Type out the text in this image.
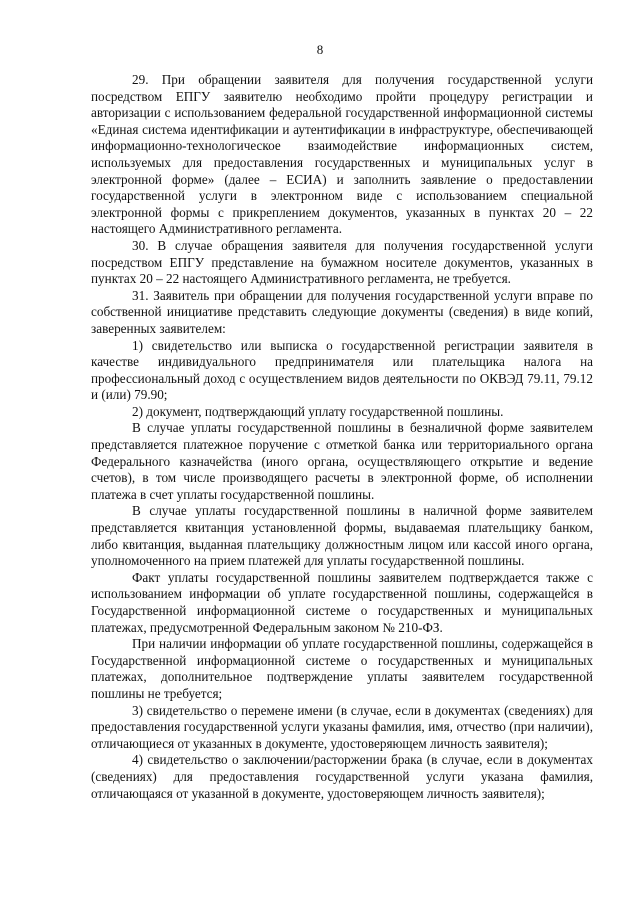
8

29. При обращении заявителя для получения государственной услуги посредством ЕПГУ заявителю необходимо пройти процедуру регистрации и авторизации с использованием федеральной государственной информационной системы «Единая система идентификации и аутентификации в инфраструктуре, обеспечивающей информационно-технологическое взаимодействие информационных систем, используемых для предоставления государственных и муниципальных услуг в электронной форме» (далее – ЕСИА) и заполнить заявление о предоставлении государственной услуги в электронном виде с использованием специальной электронной формы с прикреплением документов, указанных в пунктах 20 – 22 настоящего Административного регламента.

30. В случае обращения заявителя для получения государственной услуги посредством ЕПГУ представление на бумажном носителе документов, указанных в пунктах 20 – 22 настоящего Административного регламента, не требуется.

31. Заявитель при обращении для получения государственной услуги вправе по собственной инициативе представить следующие документы (сведения) в виде копий, заверенных заявителем:

1) свидетельство или выписка о государственной регистрации заявителя в качестве индивидуального предпринимателя или плательщика налога на профессиональный доход с осуществлением видов деятельности по ОКВЭД 79.11, 79.12 и (или) 79.90;

2) документ, подтверждающий уплату государственной пошлины.

В случае уплаты государственной пошлины в безналичной форме заявителем представляется платежное поручение с отметкой банка или территориального органа Федерального казначейства (иного органа, осуществляющего открытие и ведение счетов), в том числе производящего расчеты в электронной форме, об исполнении платежа в счет уплаты государственной пошлины.

В случае уплаты государственной пошлины в наличной форме заявителем представляется квитанция установленной формы, выдаваемая плательщику банком, либо квитанция, выданная плательщику должностным лицом или кассой иного органа, уполномоченного на прием платежей для уплаты государственной пошлины.

Факт уплаты государственной пошлины заявителем подтверждается также с использованием информации об уплате государственной пошлины, содержащейся в Государственной информационной системе о государственных и муниципальных платежах, предусмотренной Федеральным законом № 210-ФЗ.

При наличии информации об уплате государственной пошлины, содержащейся в Государственной информационной системе о государственных и муниципальных платежах, дополнительное подтверждение уплаты заявителем государственной пошлины не требуется;

3) свидетельство о перемене имени (в случае, если в документах (сведениях) для предоставления государственной услуги указаны фамилия, имя, отчество (при наличии), отличающиеся от указанных в документе, удостоверяющем личность заявителя);

4) свидетельство о заключении/расторжении брака (в случае, если в документах (сведениях) для предоставления государственной услуги указана фамилия, отличающаяся от указанной в документе, удостоверяющем личность заявителя);
